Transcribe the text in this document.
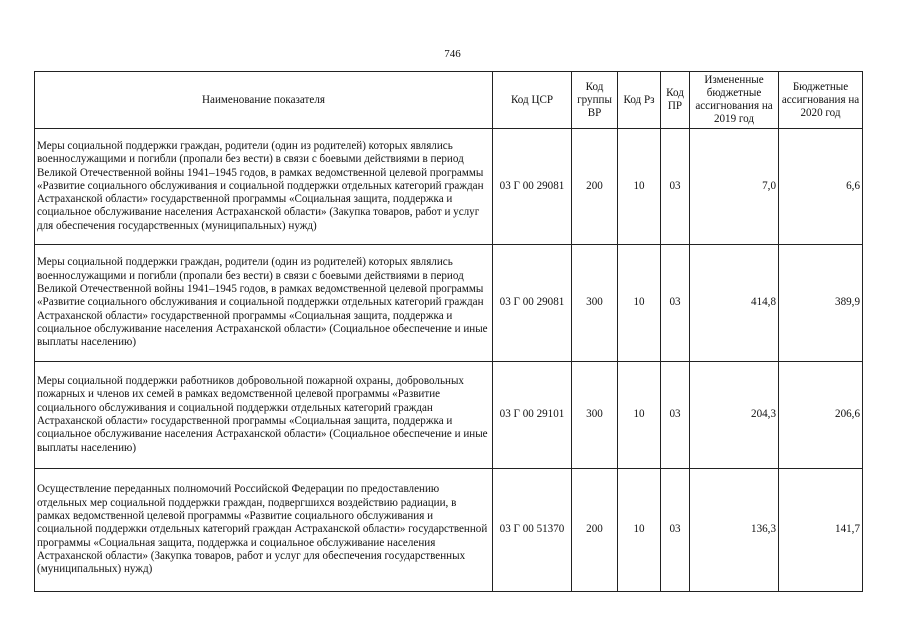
746
Наименование показателя	Код ЦСР	Код группы ВР	Код Рз	Код ПР	Измененные бюджетные ассигнования на 2019 год	Бюджетные ассигнования на 2020 год
Меры социальной поддержки граждан, родители (один из родителей) которых являлись военнослужащими и погибли (пропали без вести) в связи с боевыми действиями в период Великой Отечественной войны 1941–1945 годов, в рамках ведомственной целевой программы «Развитие социального обслуживания и социальной поддержки отдельных категорий граждан Астраханской области» государственной программы «Социальная защита, поддержка и социальное обслуживание населения Астраханской области» (Закупка товаров, работ и услуг для обеспечения государственных (муниципальных) нужд)	03 Г 00 29081	200	10	03	7,0	6,6
Меры социальной поддержки граждан, родители (один из родителей) которых являлись военнослужащими и погибли (пропали без вести) в связи с боевыми действиями в период Великой Отечественной войны 1941–1945 годов, в рамках ведомственной целевой программы «Развитие социального обслуживания и социальной поддержки отдельных категорий граждан Астраханской области» государственной программы «Социальная защита, поддержка и социальное обслуживание населения Астраханской области» (Социальное обеспечение и иные выплаты населению)	03 Г 00 29081	300	10	03	414,8	389,9
Меры социальной поддержки работников добровольной пожарной охраны, добровольных пожарных и членов их семей в рамках ведомственной целевой программы «Развитие социального обслуживания и социальной поддержки отдельных категорий граждан Астраханской области» государственной программы «Социальная защита, поддержка и социальное обслуживание населения Астраханской области» (Социальное обеспечение и иные выплаты населению)	03 Г 00 29101	300	10	03	204,3	206,6
Осуществление переданных полномочий Российской Федерации по предоставлению отдельных мер социальной поддержки граждан, подвергшихся воздействию радиации, в рамках ведомственной целевой программы «Развитие социального обслуживания и социальной поддержки отдельных категорий граждан Астраханской области» государственной программы «Социальная защита, поддержка и социальное обслуживание населения Астраханской области» (Закупка товаров, работ и услуг для обеспечения государственных (муниципальных) нужд)	03 Г 00 51370	200	10	03	136,3	141,7
